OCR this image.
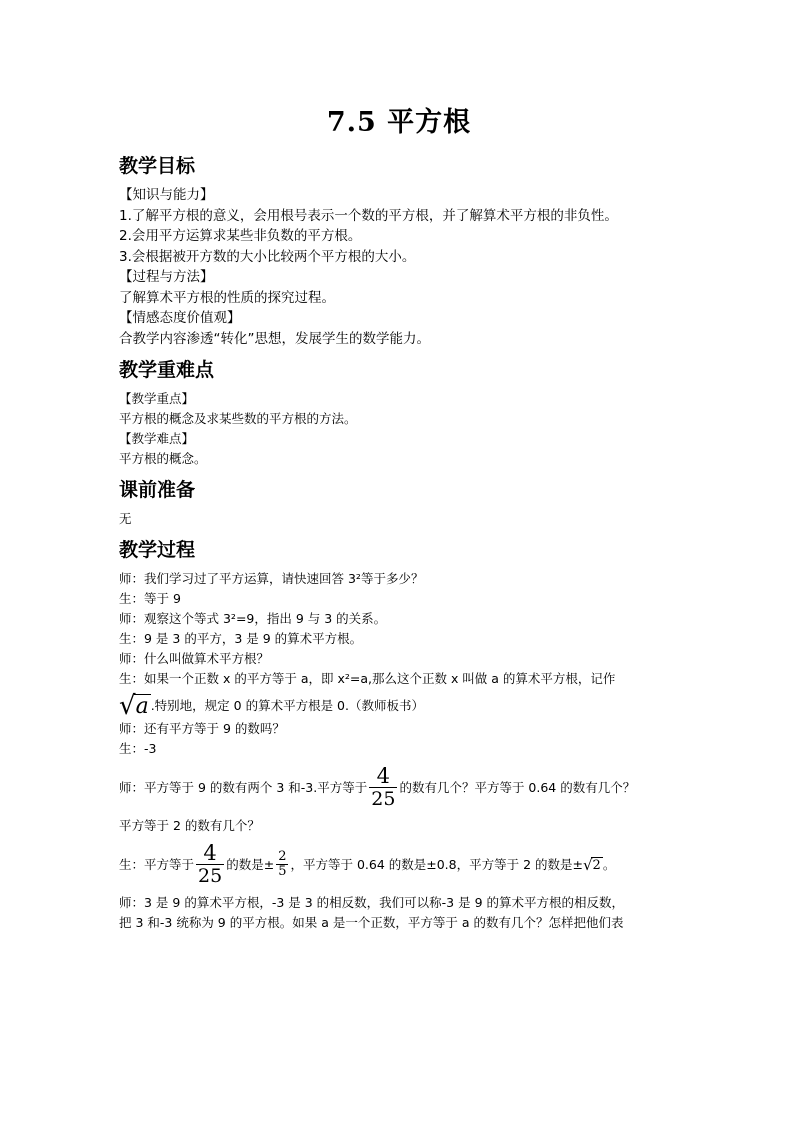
7.5 平方根
教学目标

【知识与能力】

1.了解平方根的意义，会用根号表示一个数的平方根，并了解算术平方根的非负性。

2.会用平方运算求某些非负数的平方根。

3.会根据被开方数的大小比较两个平方根的大小。

【过程与方法】

了解算术平方根的性质的探究过程。

【情感态度价值观】

合教学内容渗透“转化”思想，发展学生的数学能力。

教学重难点

【教学重点】

平方根的概念及求某些数的平方根的方法。

【教学难点】

平方根的概念。

课前准备

无

教学过程

师：我们学习过了平方运算，请快速回答 3²等于多少？

生：等于 9

师：观察这个等式 3²=9，指出 9 与 3 的关系。

生：9 是 3 的平方，3 是 9 的算术平方根。

师：什么叫做算术平方根？

生：如果一个正数 x 的平方等于 a，即 x²=a,那么这个正数 x 叫做 a 的算术平方根，记作

√ a .特别地，规定 0 的算术平方根是 0.（教师板书）

师：还有平方等于 9 的数吗？

生：-3

师：平方等于 9 的数有两个 3 和-3.平方等于 $\frac{4}{25}$ 的数有几个？平方等于 0.64 的数有几个？

平方等于 2 的数有几个？

生：平方等于 $\frac{4}{25}$ 的数是± $\frac{2}{5}$ ，平方等于 0.64 的数是±0.8，平方等于 2 的数是± √ 2 。

师：3 是 9 的算术平方根，-3 是 3 的相反数，我们可以称-3 是 9 的算术平方根的相反数，

把 3 和-3 统称为 9 的平方根。如果 a 是一个正数，平方等于 a 的数有几个？怎样把他们表
